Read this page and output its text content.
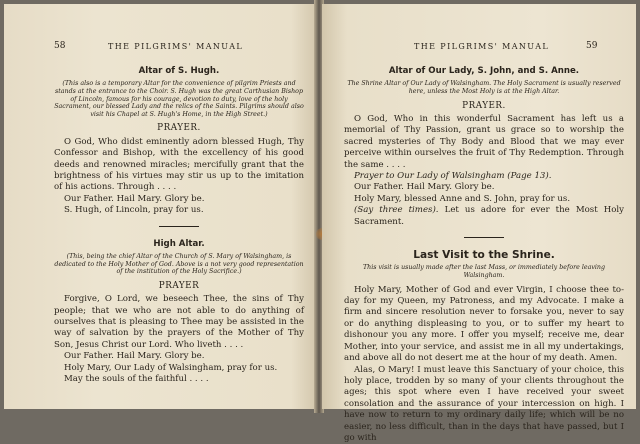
58	THE PILGRIMS' MANUAL
Altar of S. Hugh.

(This also is a temporary Altar for the convenience of pilgrim Priests and stands at the entrance to the Choir. S. Hugh was the great Carthusian Bishop of Lincoln, famous for his courage, devotion to duty, love of the holy Sacrament, our blessed Lady and the relics of the Saints. Pilgrims should also visit his Chapel at S. Hugh's Home, in the High Street.)

PRAYER.

O God, Who didst eminently adorn blessed Hugh, Thy Confessor and Bishop, with the excellency of his good deeds and renowned miracles; mercifully grant that the brightness of his virtues may stir us up to the imitation of his actions. Through . . . .

Our Father. Hail Mary. Glory be.

S. Hugh, of Lincoln, pray for us.

High Altar.

(This, being the chief Altar of the Church of S. Mary of Walsingham, is dedicated to the Holy Mother of God. Above is a not very good representation of the institution of the Holy Sacrifice.)

PRAYER

Forgive, O Lord, we beseech Thee, the sins of Thy people; that we who are not able to do anything of ourselves that is pleasing to Thee may be assisted in the way of salvation by the prayers of the Mother of Thy Son, Jesus Christ our Lord. Who liveth . . . .

Our Father. Hail Mary. Glory be.

Holy Mary, Our Lady of Walsingham, pray for us.

May the souls of the faithful . . . .

THE PILGRIMS' MANUAL	59
Altar of Our Lady, S. John, and S. Anne.

The Shrine Altar of Our Lady of Walsingham. The Holy Sacrament is usually reserved here, unless the Most Holy is at the High Altar.

PRAYER.

O God, Who in this wonderful Sacrament has left us a memorial of Thy Passion, grant us grace so to worship the sacred mysteries of Thy Body and Blood that we may ever perceive within ourselves the fruit of Thy Redemption. Through the same . . . .

Prayer to Our Lady of Walsingham (Page 13).

Our Father. Hail Mary. Glory be.

Holy Mary, blessed Anne and S. John, pray for us.

(Say three times). Let us adore for ever the Most Holy Sacrament.

Last Visit to the Shrine.

This visit is usually made after the last Mass, or immediately before leaving Walsingham.

Holy Mary, Mother of God and ever Virgin, I choose thee to-day for my Queen, my Patroness, and my Advocate. I make a firm and sincere resolution never to forsake you, never to say or do anything displeasing to you, or to suffer my heart to dishonour you any more. I offer you myself; receive me, dear Mother, into your service, and assist me in all my undertakings, and above all do not desert me at the hour of my death. Amen.

Alas, O Mary! I must leave this Sanctuary of your choice, this holy place, trodden by so many of your clients throughout the ages; this spot where even I have received your sweet consolation and the assurance of your intercession on high. I have now to return to my ordinary daily life; which will be no easier, no less difficult, than in the days that have passed, but I go with
